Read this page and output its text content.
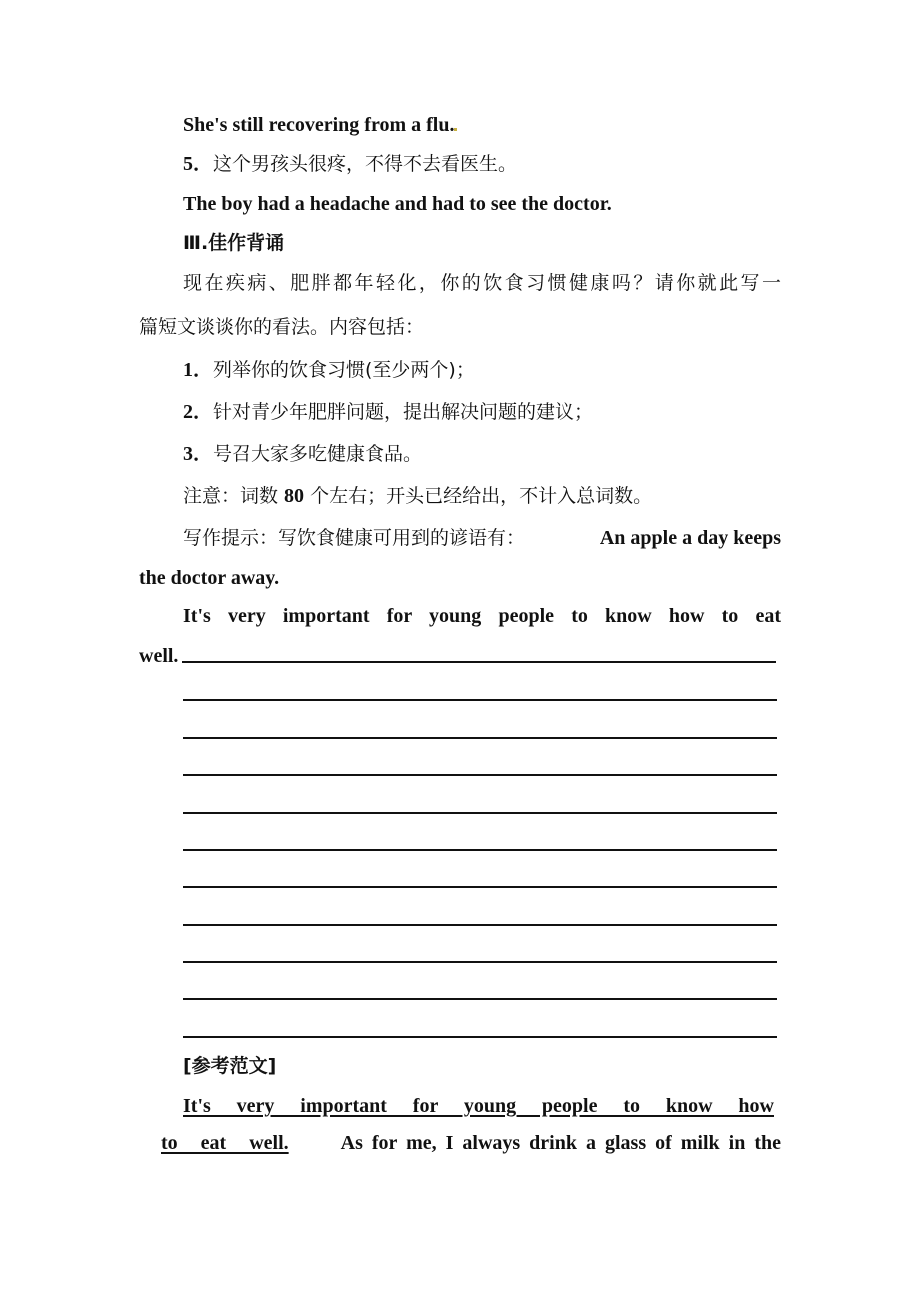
She's still recovering from a flu.
5．这个男孩头很疼，不得不去看医生。
The boy had a headache and had to see the doctor.
Ⅲ.佳作背诵
现在疾病、肥胖都年轻化，你的饮食习惯健康吗？请你就此写一
篇短文谈谈你的看法。内容包括：
1．列举你的饮食习惯(至少两个)；
2．针对青少年肥胖问题，提出解决问题的建议；
3．号召大家多吃健康食品。
注意：词数 80 个左右；开头已经给出，不计入总词数。
写作提示：写饮食健康可用到的谚语有：	An apple a day keeps
the doctor away.
It's very important for young people to know how to eat
well.
[参考范文]
It's very important for young people to know how
to eat well.	As for me, I always drink a glass of milk in the
